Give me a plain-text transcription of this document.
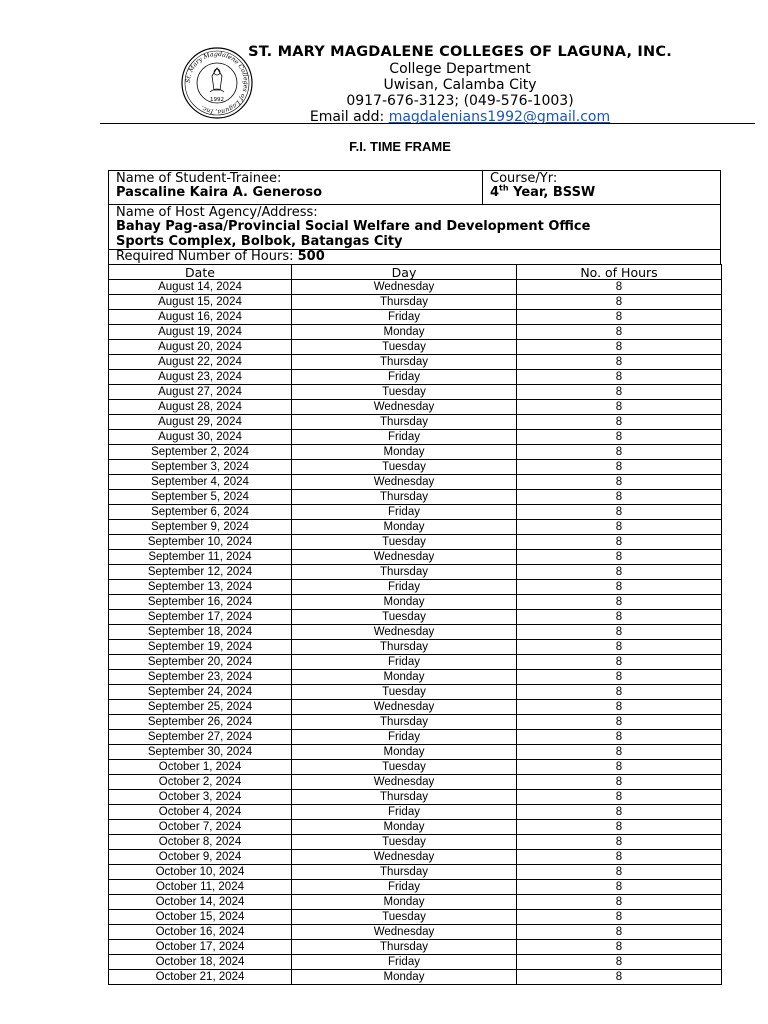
St. Mary Magdalene Colleges of Laguna, Inc.
1992
ST. MARY MAGDALENE COLLEGES OF LAGUNA, INC.
College Department
Uwisan, Calamba City
0917-676-3123; (049-576-1003)
Email add: magdalenians1992@gmail.com
F.I. TIME FRAME
Name of Student-Trainee:
Pascaline Kaira A. Generoso
Course/Yr:
4th Year, BSSW
Name of Host Agency/Address:
Bahay Pag-asa/Provincial Social Welfare and Development Office
Sports Complex, Bolbok, Batangas City
Required Number of Hours: 500
Date	Day	No. of Hours
August 14, 2024	Wednesday	8
August 15, 2024	Thursday	8
August 16, 2024	Friday	8
August 19, 2024	Monday	8
August 20, 2024	Tuesday	8
August 22, 2024	Thursday	8
August 23, 2024	Friday	8
August 27, 2024	Tuesday	8
August 28, 2024	Wednesday	8
August 29, 2024	Thursday	8
August 30, 2024	Friday	8
September 2, 2024	Monday	8
September 3, 2024	Tuesday	8
September 4, 2024	Wednesday	8
September 5, 2024	Thursday	8
September 6, 2024	Friday	8
September 9, 2024	Monday	8
September 10, 2024	Tuesday	8
September 11, 2024	Wednesday	8
September 12, 2024	Thursday	8
September 13, 2024	Friday	8
September 16, 2024	Monday	8
September 17, 2024	Tuesday	8
September 18, 2024	Wednesday	8
September 19, 2024	Thursday	8
September 20, 2024	Friday	8
September 23, 2024	Monday	8
September 24, 2024	Tuesday	8
September 25, 2024	Wednesday	8
September 26, 2024	Thursday	8
September 27, 2024	Friday	8
September 30, 2024	Monday	8
October 1, 2024	Tuesday	8
October 2, 2024	Wednesday	8
October 3, 2024	Thursday	8
October 4, 2024	Friday	8
October 7, 2024	Monday	8
October 8, 2024	Tuesday	8
October 9, 2024	Wednesday	8
October 10, 2024	Thursday	8
October 11, 2024	Friday	8
October 14, 2024	Monday	8
October 15, 2024	Tuesday	8
October 16, 2024	Wednesday	8
October 17, 2024	Thursday	8
October 18, 2024	Friday	8
October 21, 2024	Monday	8
